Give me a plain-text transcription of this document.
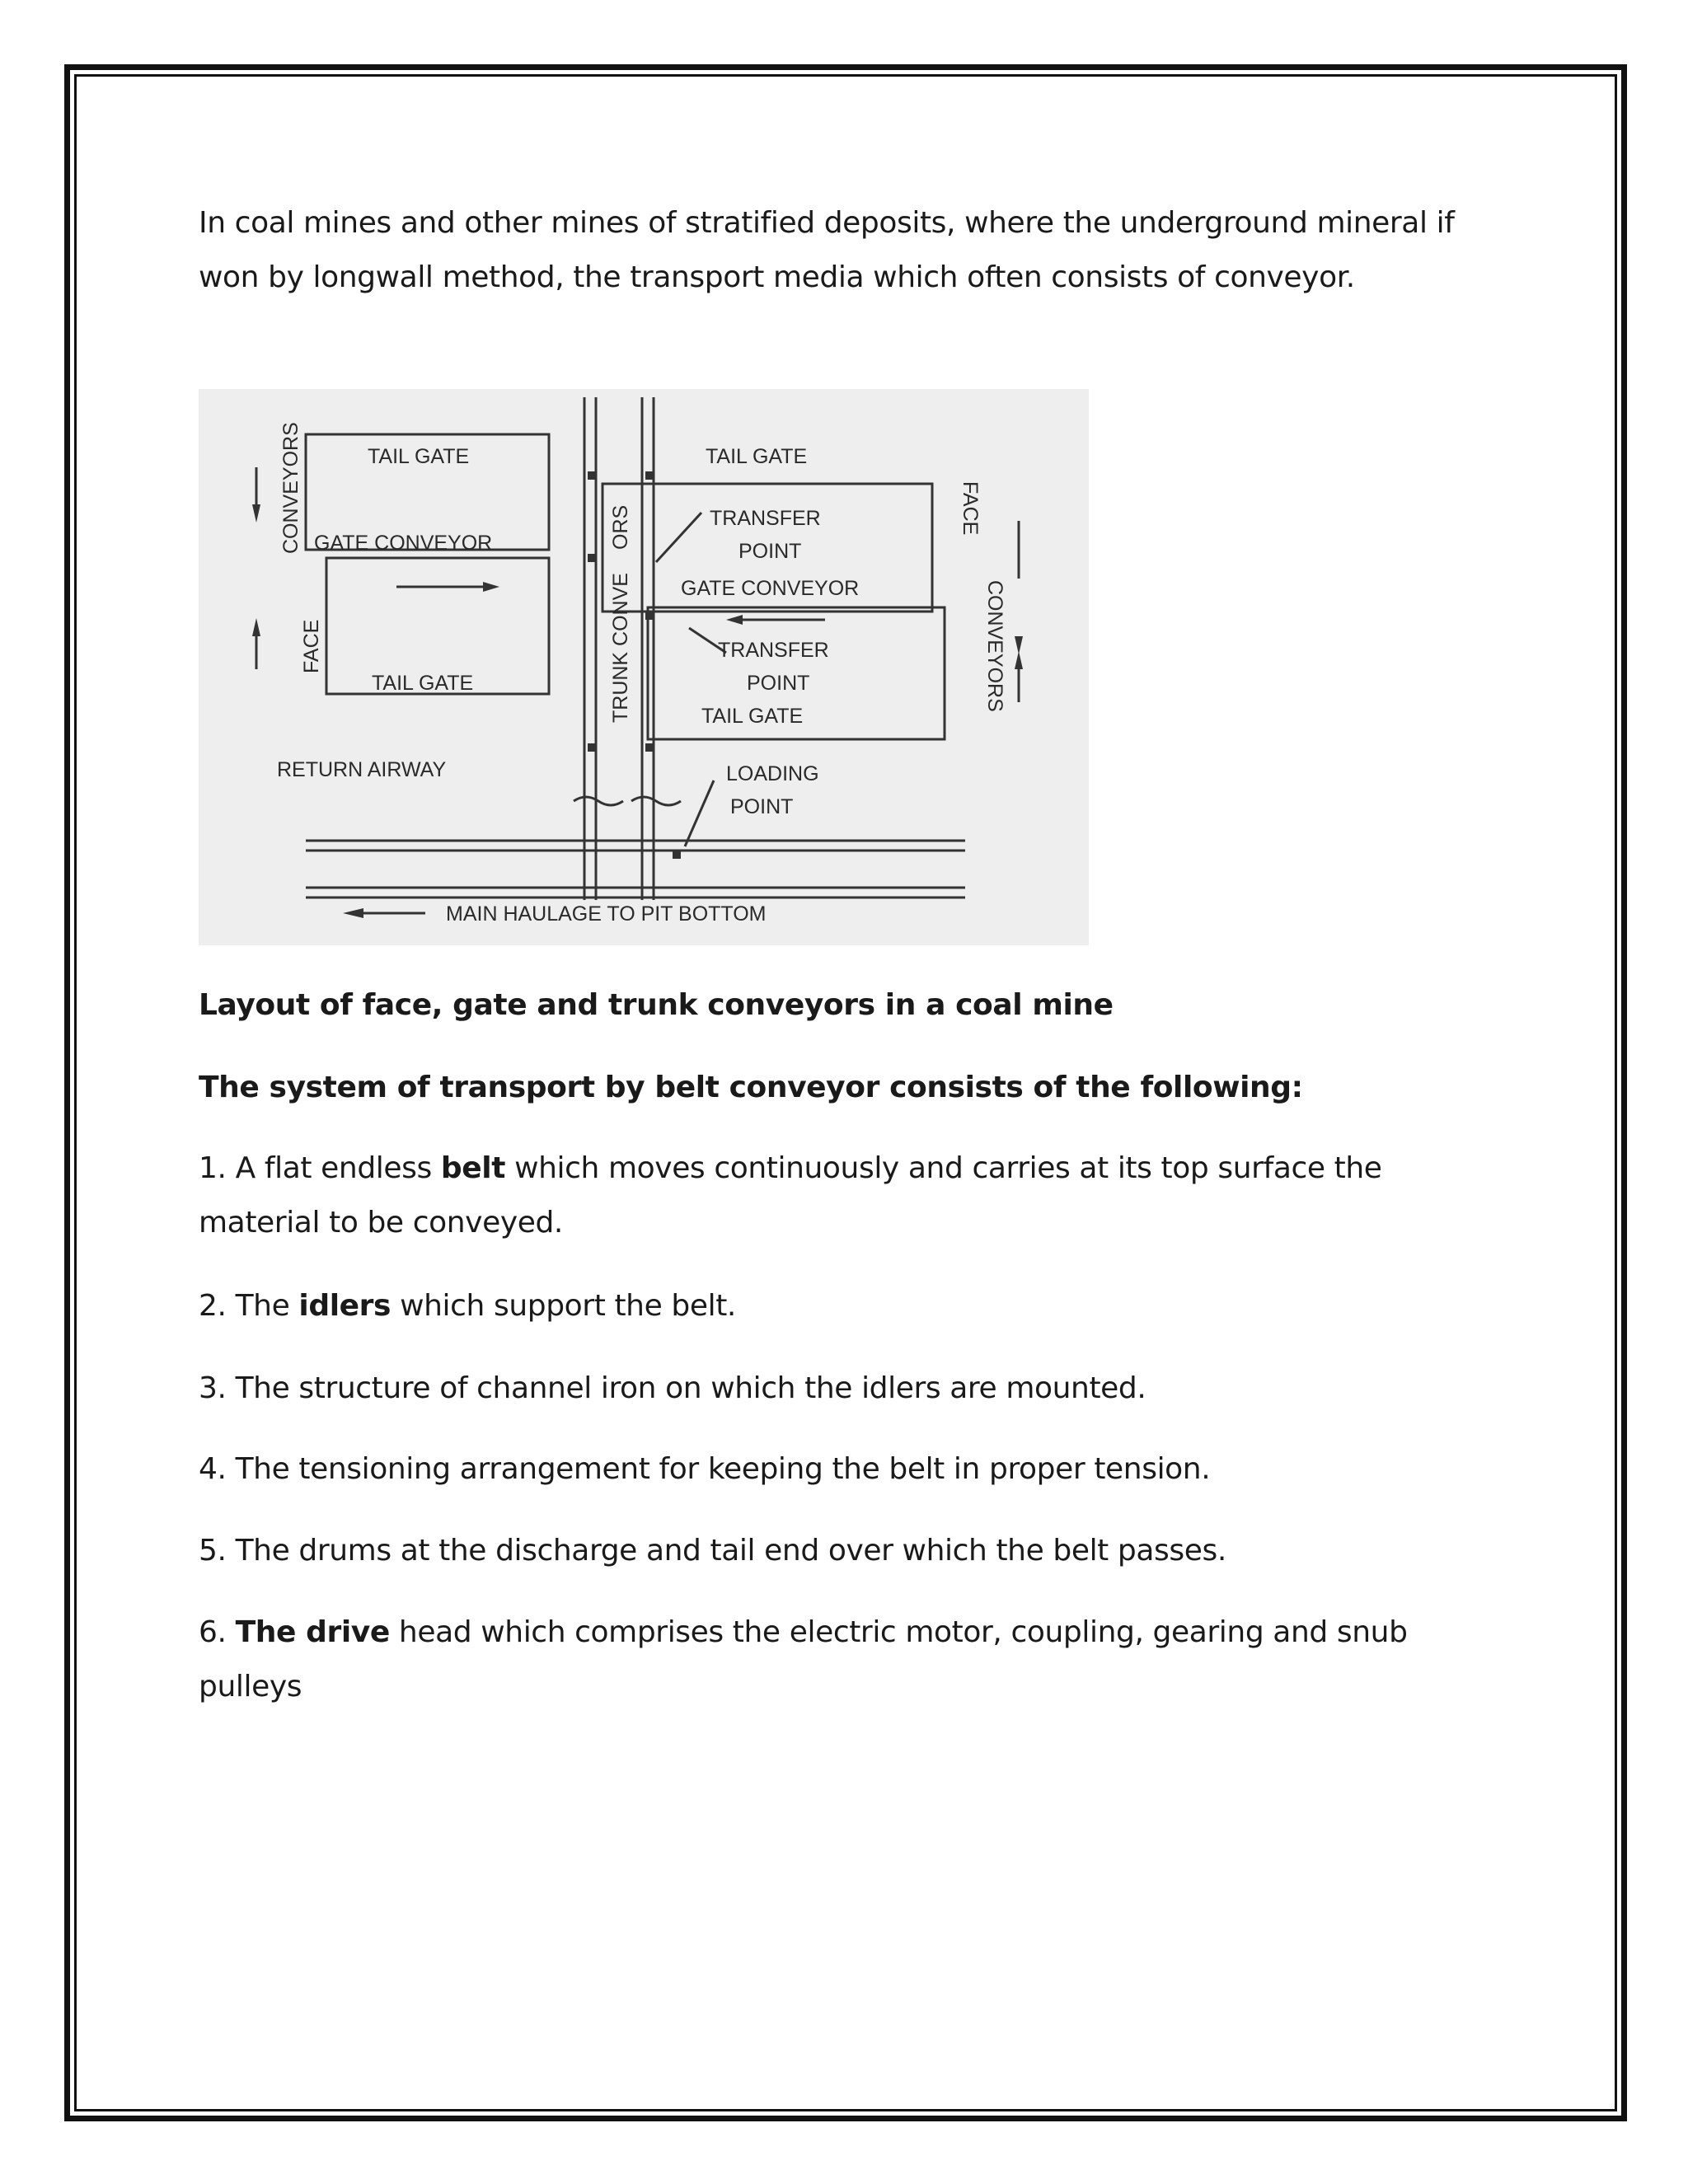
In coal mines and other mines of stratified deposits, where the underground mineral if won by longwall method, the transport media which often consists of conveyor.
TAIL GATE	TAIL GATE
GATE CONVEYOR
TAIL GATE
CONVEYORS
FACE
TRANSFER
POINT
GATE CONVEYOR
TRANSFER
POINT
TAIL GATE
FACE
CONVEYORS
TRUNK CONVE
ORS
RETURN AIRWAY	LOADING
POINT
MAIN HAULAGE TO PIT BOTTOM
Layout of face, gate and trunk conveyors in a coal mine
The system of transport by belt conveyor consists of the following:
1. A flat endless belt which moves continuously and carries at its top surface the material to be conveyed.
2. The idlers which support the belt.
3. The structure of channel iron on which the idlers are mounted.
4. The tensioning arrangement for keeping the belt in proper tension.
5. The drums at the discharge and tail end over which the belt passes.
6. The drive head which comprises the electric motor, coupling, gearing and snub pulleys
